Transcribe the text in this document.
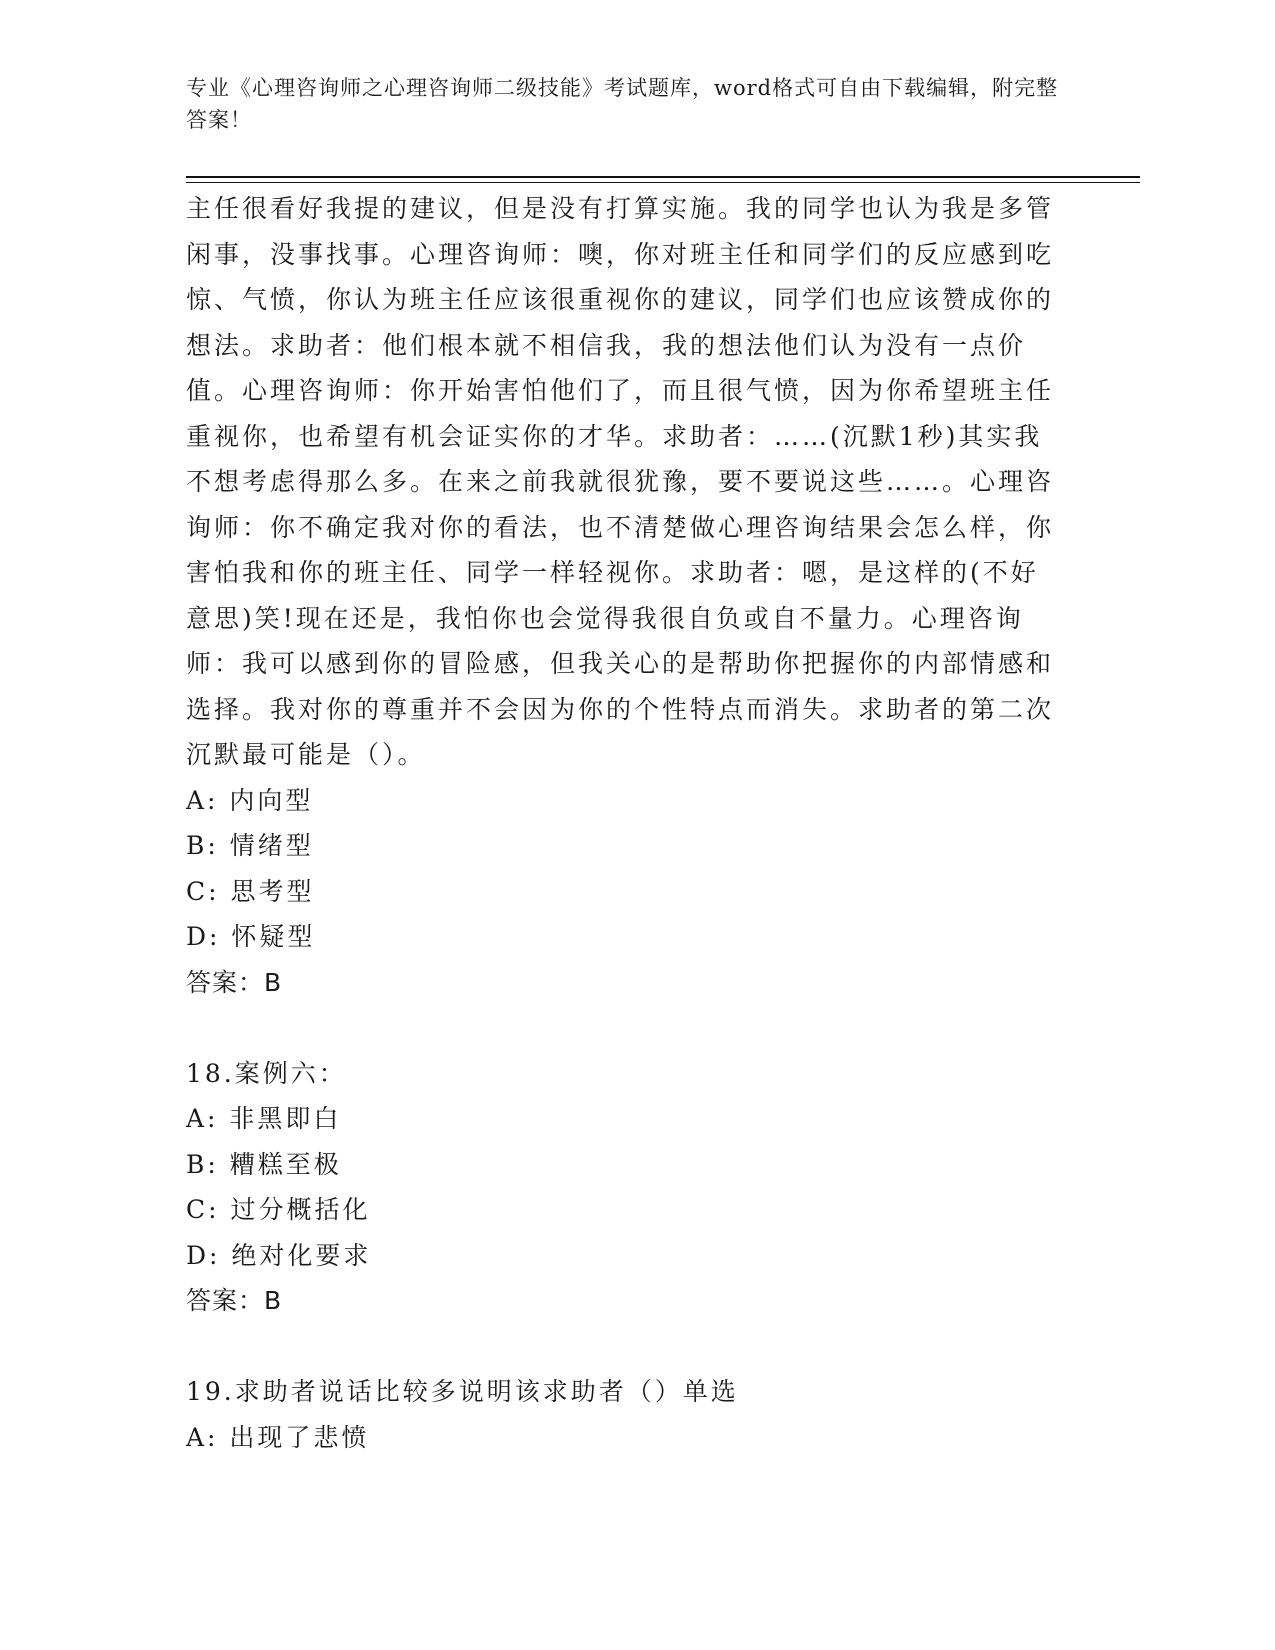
专业《心理咨询师之心理咨询师二级技能》考试题库，word格式可自由下载编辑，附完整答案！

主任很看好我提的建议，但是没有打算实施。我的同学也认为我是多管闲事，没事找事。心理咨询师：噢，你对班主任和同学们的反应感到吃惊、气愤，你认为班主任应该很重视你的建议，同学们也应该赞成你的想法。求助者：他们根本就不相信我，我的想法他们认为没有一点价值。心理咨询师：你开始害怕他们了，而且很气愤，因为你希望班主任重视你，也希望有机会证实你的才华。求助者：……(沉默1秒)其实我不想考虑得那么多。在来之前我就很犹豫，要不要说这些……。心理咨询师：你不确定我对你的看法，也不清楚做心理咨询结果会怎么样，你害怕我和你的班主任、同学一样轻视你。求助者：嗯，是这样的(不好意思)笑!现在还是，我怕你也会觉得我很自负或自不量力。心理咨询师：我可以感到你的冒险感，但我关心的是帮助你把握你的内部情感和选择。我对你的尊重并不会因为你的个性特点而消失。求助者的第二次沉默最可能是（）。

A: 内向型
B: 情绪型
C: 思考型
D: 怀疑型
答案：B
18.案例六：
A: 非黑即白
B: 糟糕至极
C: 过分概括化
D: 绝对化要求
答案：B
19.求助者说话比较多说明该求助者（）单选
A: 出现了悲愤
